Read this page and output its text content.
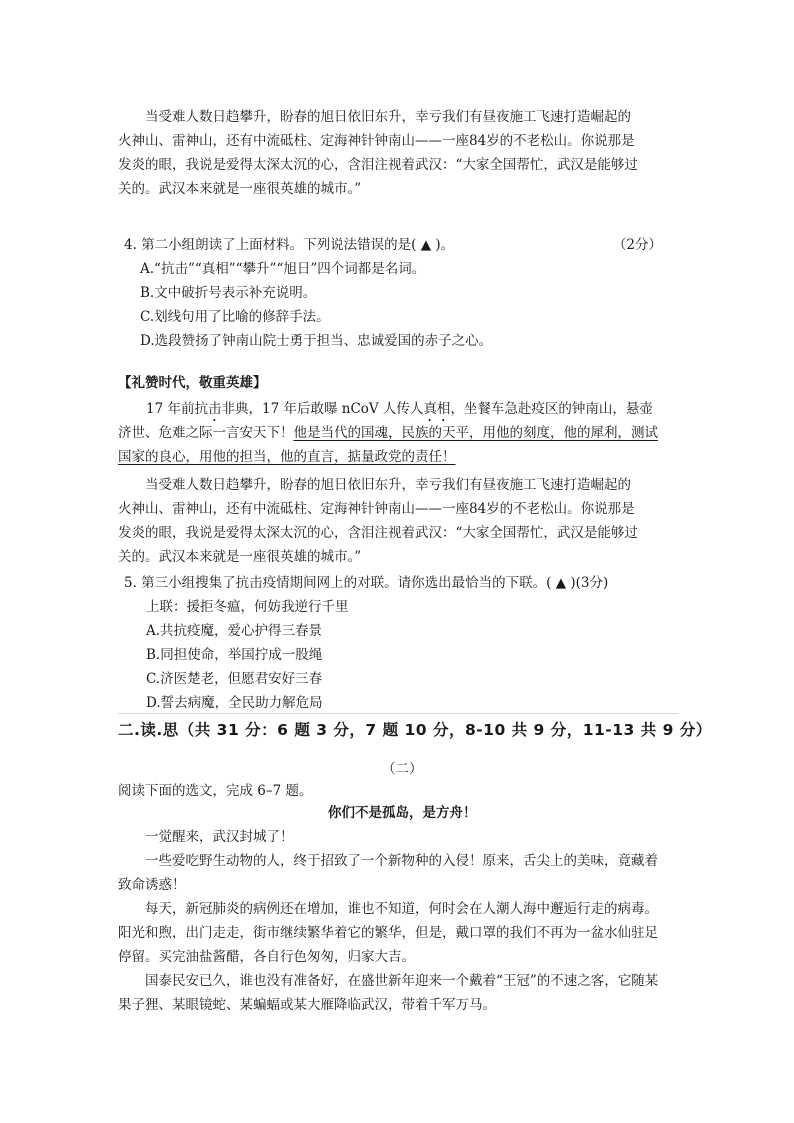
当受难人数日趋攀升，盼春的旭日依旧东升，幸亏我们有昼夜施工飞速打造崛起的
火神山、雷神山，还有中流砥柱、定海神针钟南山——一座84岁的不老松山。你说那是
发炎的眼，我说是爱得太深太沉的心，含泪注视着武汉：“大家全国帮忙，武汉是能够过
关的。武汉本来就是一座很英雄的城市。”
4. 第二小组朗读了上面材料。下列说法错误的是( ▲ )。	（2分）
A.“抗击”“真相”“攀升”“旭日”四个词都是名词。
B.文中破折号表示补充说明。
C.划线句用了比喻的修辞手法。
D.选段赞扬了钟南山院士勇于担当、忠诚爱国的赤子之心。
【礼赞时代，敬重英雄】
17 年前抗击非典，17 年后敢曝 nCoV 人传人真相，坐餐车急赴疫区的钟南山，悬壶
济世、危难之际一言安天下！他是当代的国魂，民族的天平，用他的刻度，他的犀利，测试
国家的良心，用他的担当，他的直言，掂量政党的责任！
当受难人数日趋攀升，盼春的旭日依旧东升，幸亏我们有昼夜施工飞速打造崛起的
火神山、雷神山，还有中流砥柱、定海神针钟南山——一座84岁的不老松山。你说那是
发炎的眼，我说是爱得太深太沉的心，含泪注视着武汉：“大家全国帮忙，武汉是能够过
关的。武汉本来就是一座很英雄的城市。”
5. 第三小组搜集了抗击疫情期间网上的对联。请你选出最恰当的下联。( ▲ )(3分)
上联：援拒冬瘟，何妨我逆行千里
A.共抗疫魔，爱心护得三春景
B.同担使命，举国拧成一股绳
C.济医楚老，但愿君安好三春
D.誓去病魔，全民助力解危局
二.读.思（共 31 分：6 题 3 分，7 题 10 分，8-10 共 9 分，11-13 共 9 分）
（二）
阅读下面的选文，完成 6–7 题。
你们不是孤岛，是方舟！
一觉醒来，武汉封城了！
一些爱吃野生动物的人，终于招致了一个新物种的入侵！原来，舌尖上的美味，竟藏着
致命诱惑！
每天，新冠肺炎的病例还在增加，谁也不知道，何时会在人潮人海中邂逅行走的病毒。
阳光和煦，出门走走，街市继续繁华着它的繁华，但是，戴口罩的我们不再为一盆水仙驻足
停留。买完油盐酱醋，各自行色匆匆，归家大吉。
国泰民安已久，谁也没有准备好，在盛世新年迎来一个戴着“王冠”的不速之客，它随某
果子狸、某眼镜蛇、某蝙蝠或某大雁降临武汉，带着千军万马。
